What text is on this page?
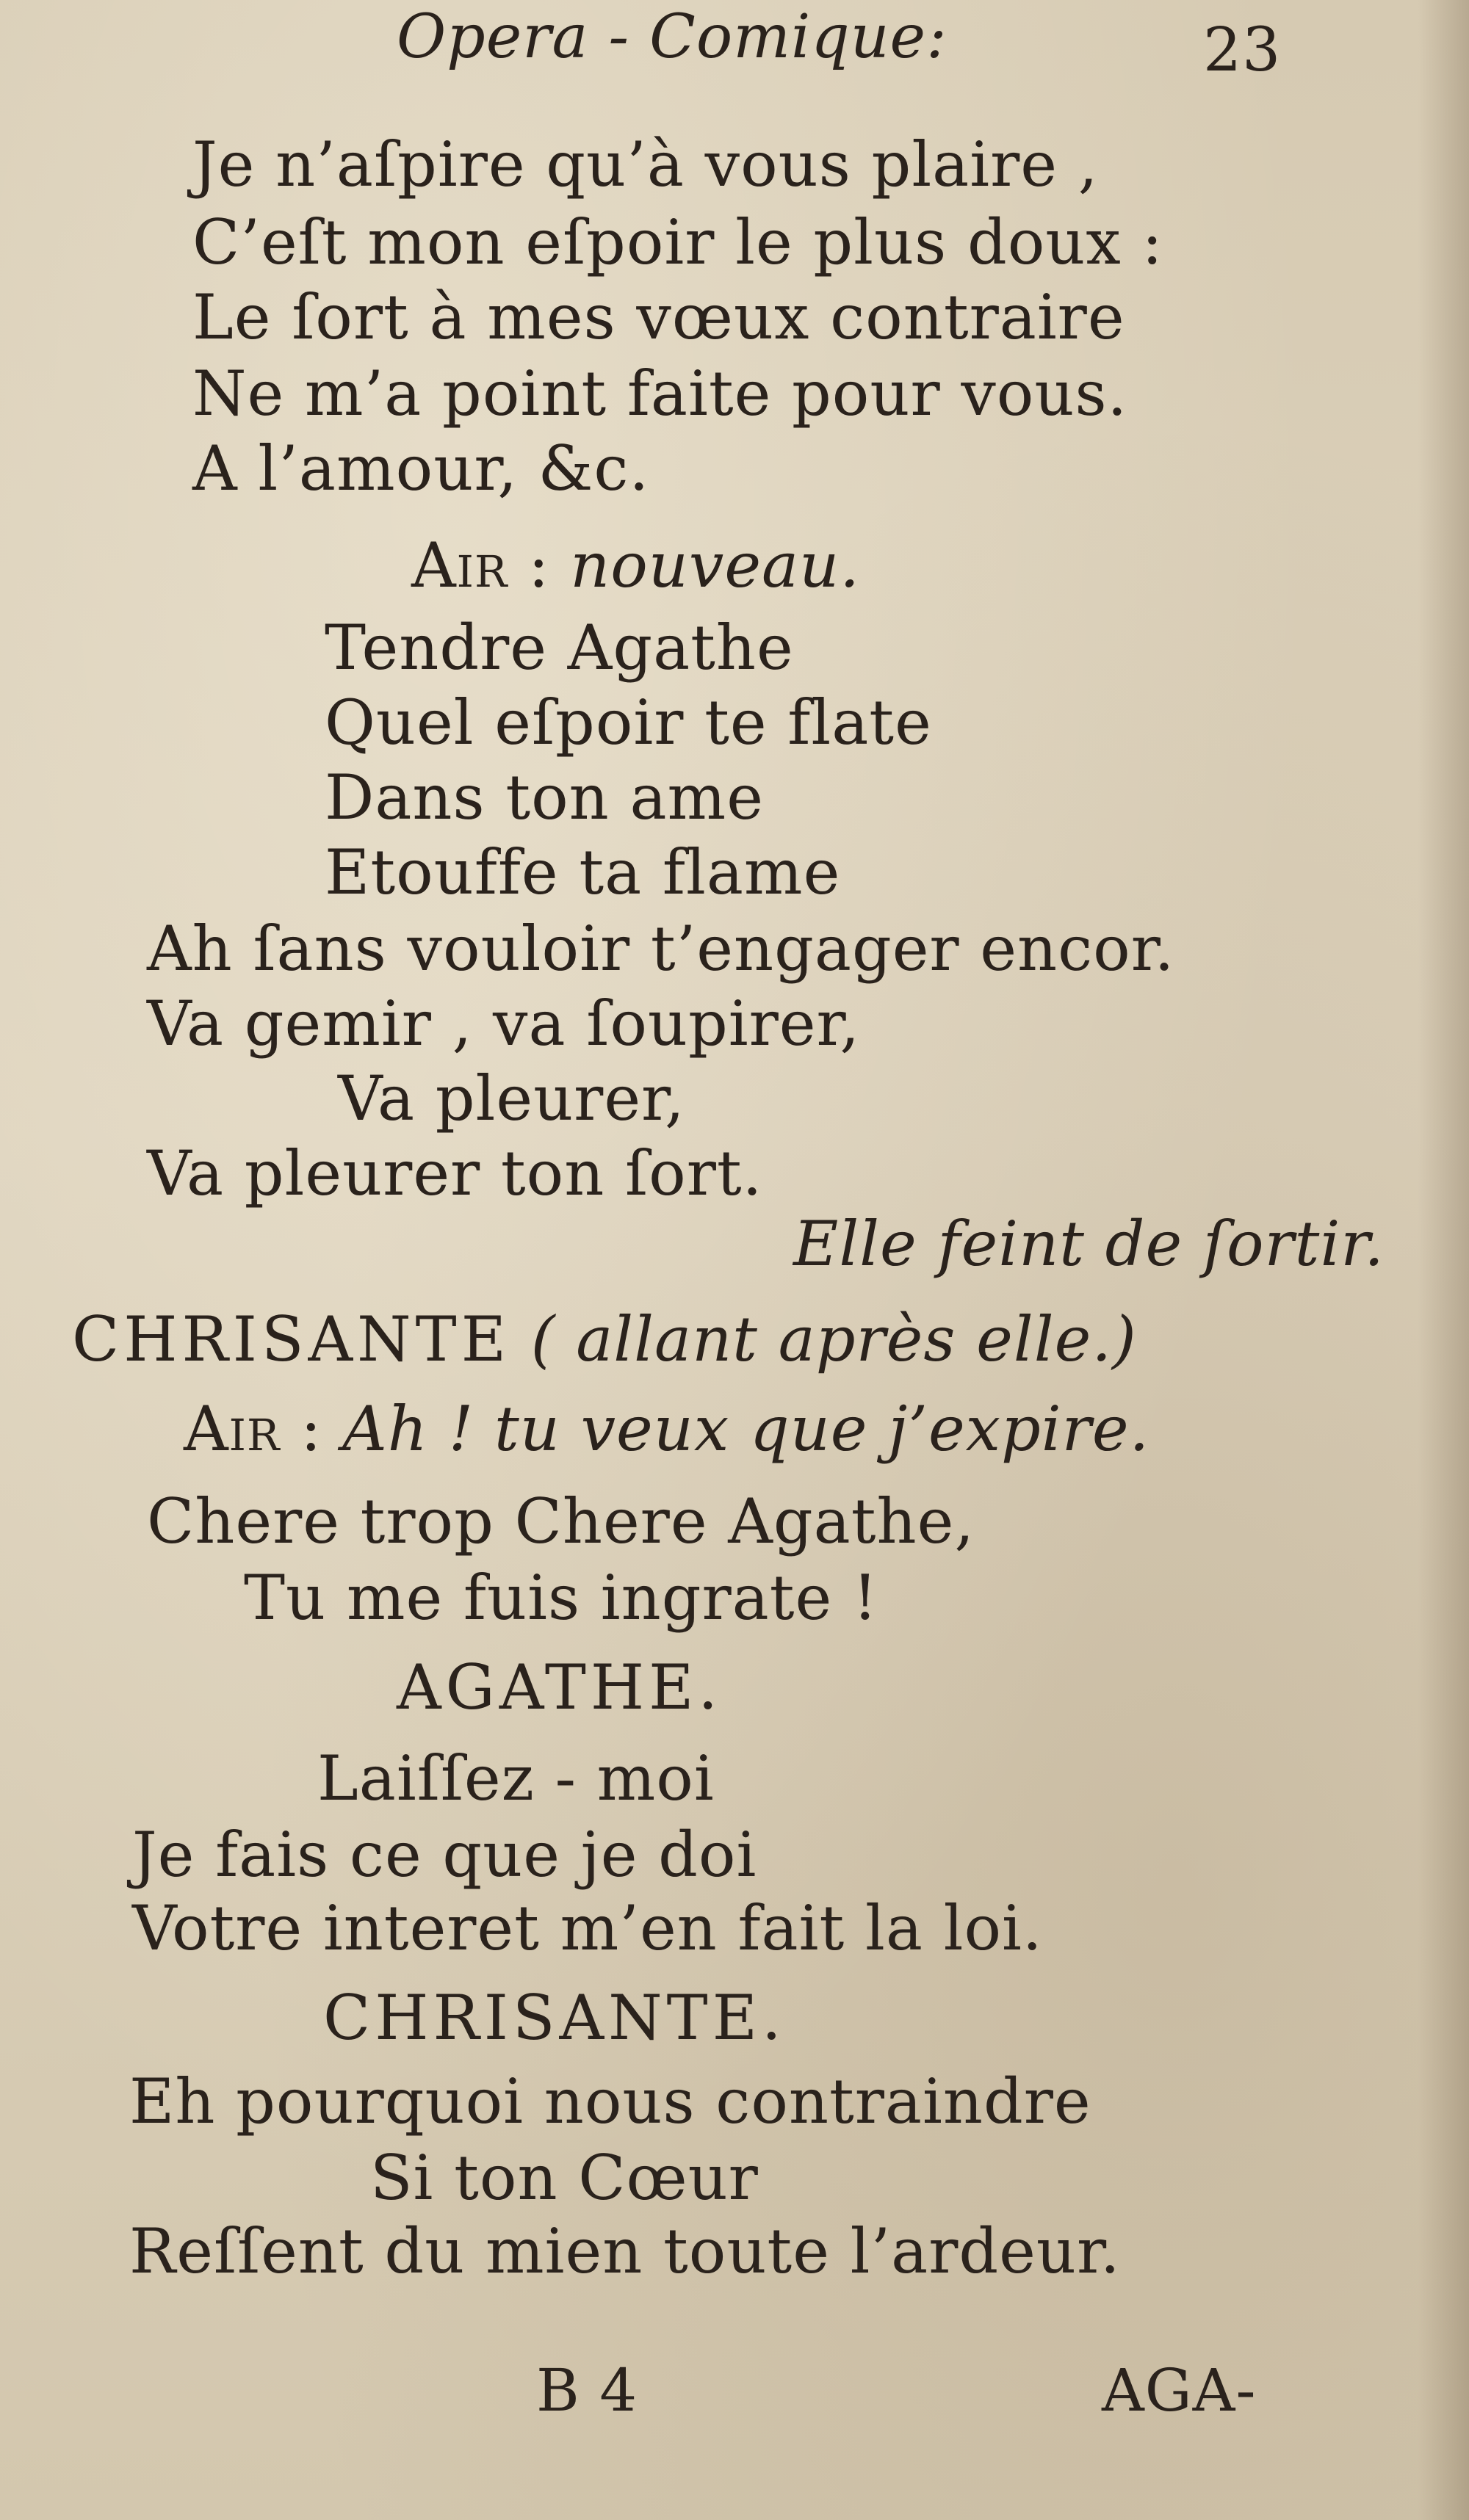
Opera - Comique:	23
Je n’aſpire qu’à vous plaire ,
C’eſt mon eſpoir le plus doux :
Le ſort à mes vœux contraire
Ne m’a point faite pour vous.
A l’amour, &c.
Air : nouveau.
Tendre Agathe
Quel eſpoir te flate
Dans ton ame
Etouffe ta flame
Ah ſans vouloir t’engager encor.
Va gemir , va ſoupirer,
Va pleurer,
Va pleurer ton ſort.
Elle feint de ſortir.
CHRISANTE ( allant après elle.)
Air : Ah ! tu veux que j’expire.
Chere trop Chere Agathe,
Tu me fuis ingrate !
AGATHE.
Laiſſez - moi
Je fais ce que je doi
Votre interet m’en fait la loi.
CHRISANTE.
Eh pourquoi nous contraindre
Si ton Cœur
Reſſent du mien toute l’ardeur.
B 4	AGA-
